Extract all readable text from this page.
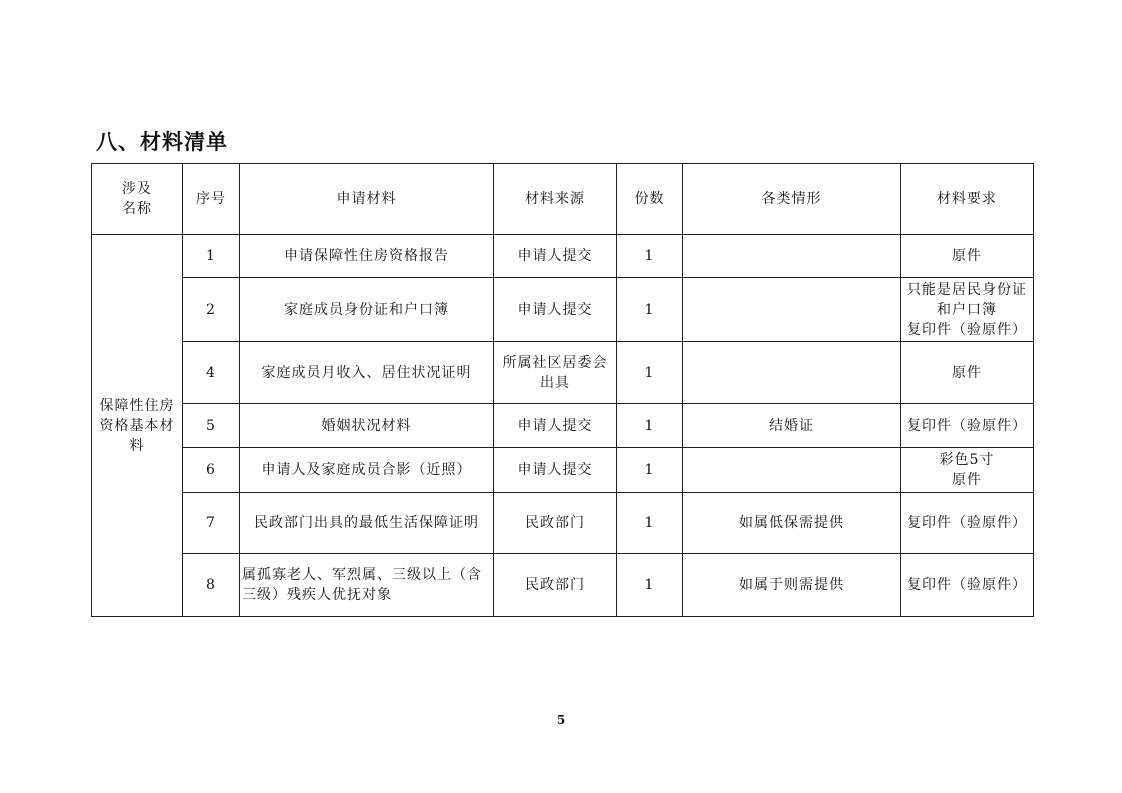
八、材料清单
涉及
名称	序号	申请材料	材料来源	份数	各类情形	材料要求

保障性住房
资格基本材
料	1	申请保障性住房资格报告	申请人提交	1		原件

	2	家庭成员身份证和户口簿	申请人提交	1		只能是居民身份证
和户口簿
复印件（验原件）

	4	家庭成员月收入、居住状况证明	所属社区居委会
出具	1		原件

	5	婚姻状况材料	申请人提交	1	结婚证	复印件（验原件）

	6	申请人及家庭成员合影（近照）	申请人提交	1		彩色5寸
原件

	7	民政部门出具的最低生活保障证明	民政部门	1	如属低保需提供	复印件（验原件）

	8	属孤寡老人、军烈属、三级以上（含
三级）残疾人优抚对象	民政部门	1	如属于则需提供	复印件（验原件）
5
